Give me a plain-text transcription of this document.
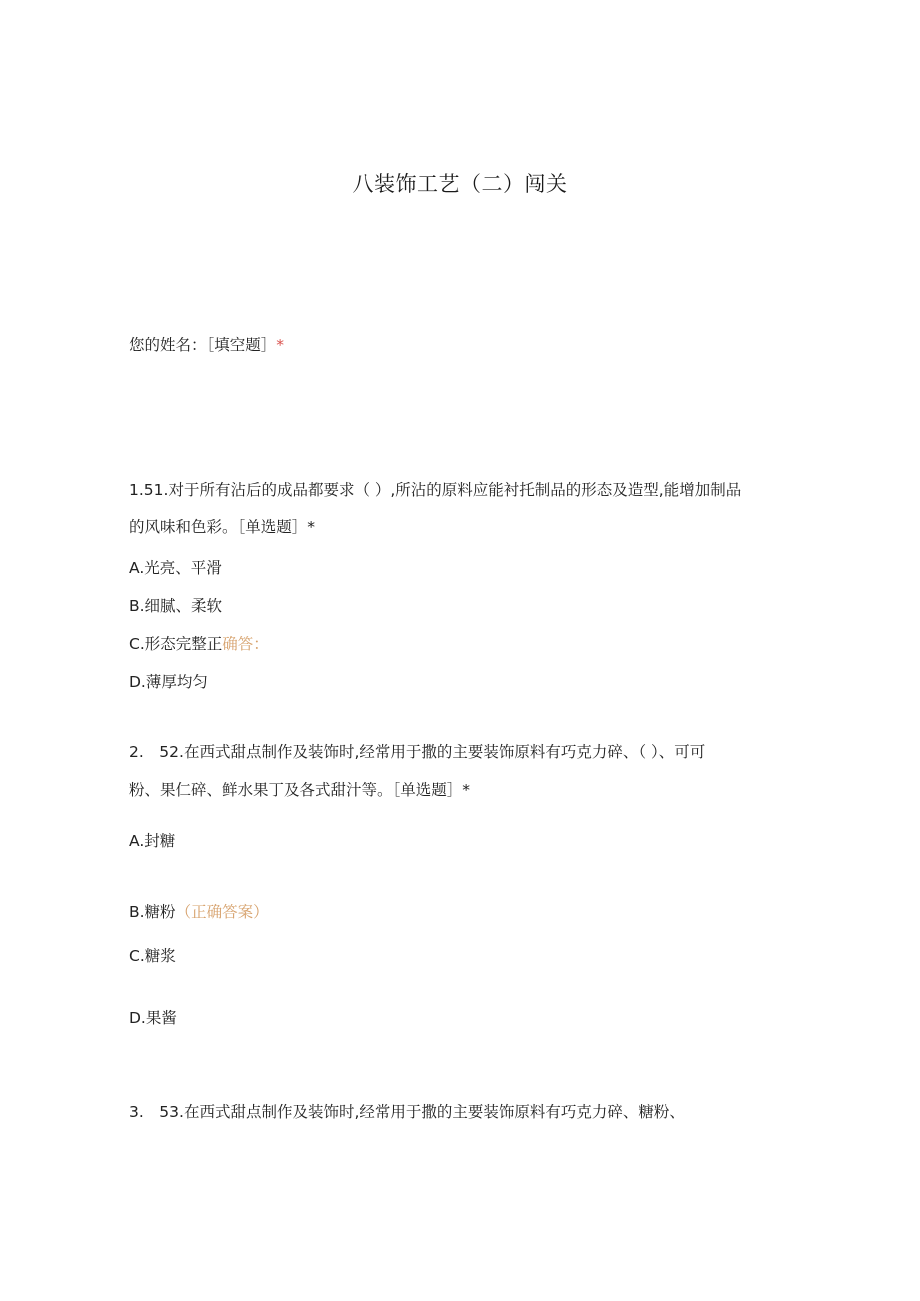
八装饰工艺（二）闯关
您的姓名：［填空题］*
1.51.对于所有沾后的成品都要求（ ）,所沾的原料应能衬托制品的形态及造型,能增加制品
的风味和色彩。［单选题］*
A.光亮、平滑
B.细腻、柔软
C.形态完整正确答：
D.薄厚均匀
2.　52.在西式甜点制作及装饰时,经常用于撒的主要装饰原料有巧克力碎、（ ）、可可
粉、果仁碎、鲜水果丁及各式甜汁等。［单选题］*
A.封糖
B.糖粉（正确答案）
C.糖浆
D.果酱
3.　53.在西式甜点制作及装饰时,经常用于撒的主要装饰原料有巧克力碎、糖粉、
